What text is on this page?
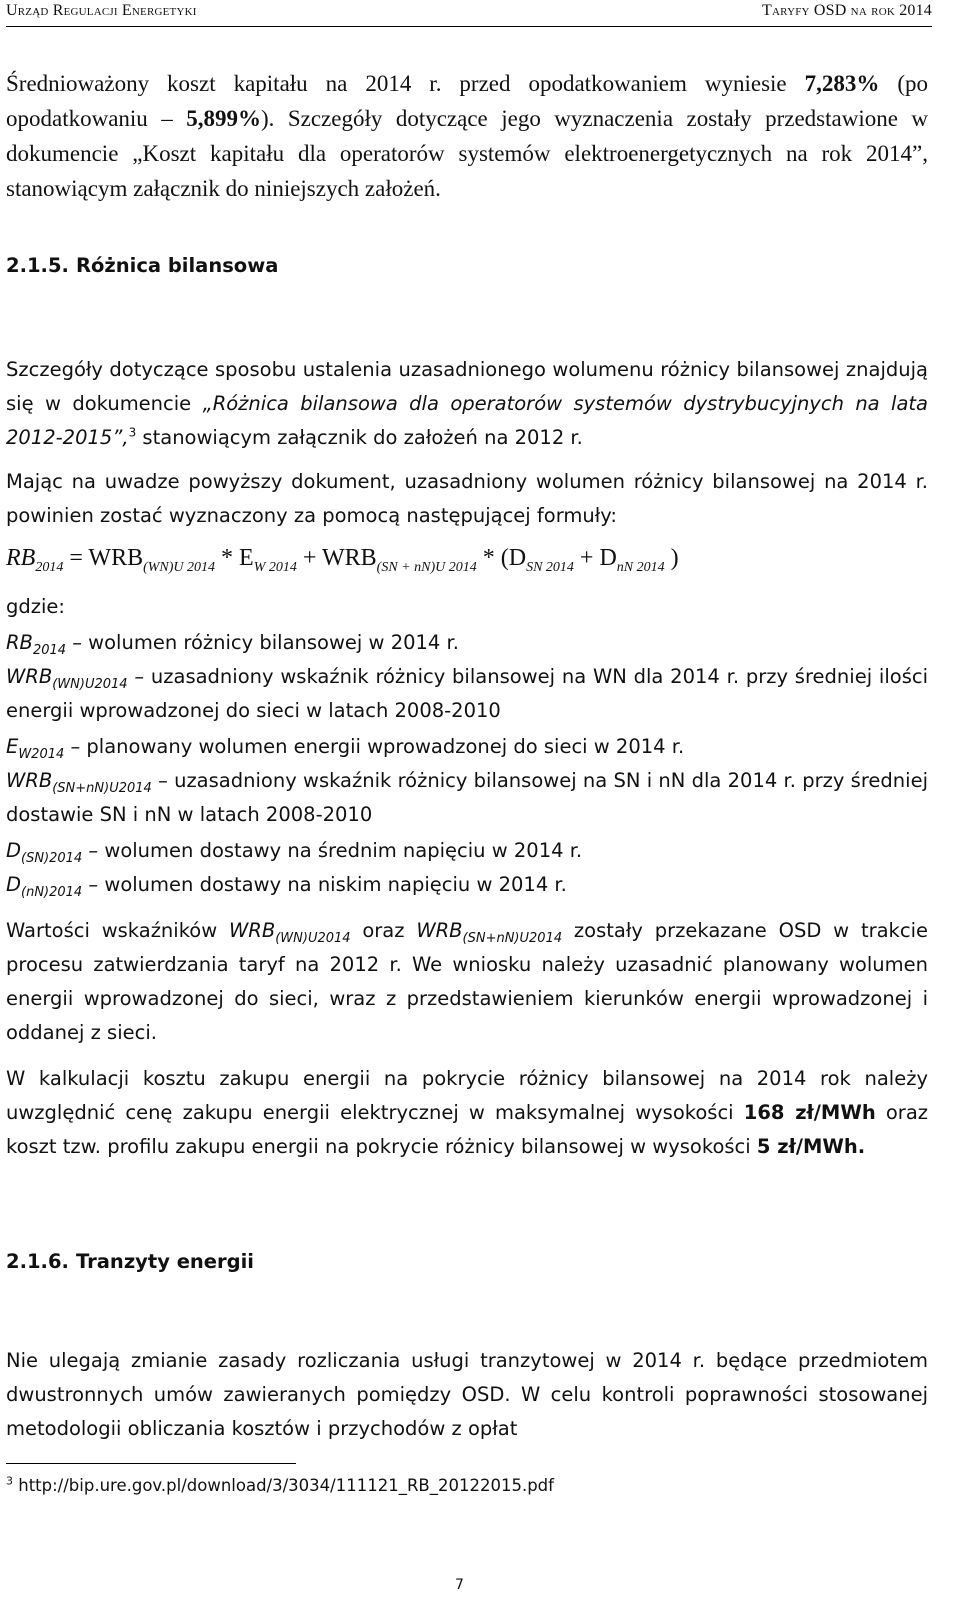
Urząd Regulacji Energetyki	Taryfy OSD na rok 2014

Średnioważony koszt kapitału na 2014 r. przed opodatkowaniem wyniesie 7,283% (po opodatkowaniu – 5,899%). Szczegóły dotyczące jego wyznaczenia zostały przedstawione w dokumencie „Koszt kapitału dla operatorów systemów elektroenergetycznych na rok 2014”, stanowiącym załącznik do niniejszych założeń.

2.1.5. Różnica bilansowa

Szczegóły dotyczące sposobu ustalenia uzasadnionego wolumenu różnicy bilansowej znajdują się w dokumencie „Różnica bilansowa dla operatorów systemów dystrybucyjnych na lata 2012-2015”,$^3$ stanowiącym załącznik do założeń na 2012 r.

Mając na uwadze powyższy dokument, uzasadniony wolumen różnicy bilansowej na 2014 r. powinien zostać wyznaczony za pomocą następującej formuły:

$RB_{2014} = WRB_{(WN)U 2014} * E_{W 2014} + WRB_{(SN + nN)U 2014} * (D_{SN 2014} + D_{nN 2014}$ )

gdzie:

$RB_{2014}$ – wolumen różnicy bilansowej w 2014 r.

$WRB_{(WN)U2014}$ – uzasadniony wskaźnik różnicy bilansowej na WN dla 2014 r. przy średniej ilości energii wprowadzonej do sieci w latach 2008-2010

$E_{W2014}$ – planowany wolumen energii wprowadzonej do sieci w 2014 r.

$WRB_{(SN+nN)U2014}$ – uzasadniony wskaźnik różnicy bilansowej na SN i nN dla 2014 r. przy średniej dostawie SN i nN w latach 2008-2010

$D_{(SN)2014}$ – wolumen dostawy na średnim napięciu w 2014 r.

$D_{(nN)2014}$ – wolumen dostawy na niskim napięciu w 2014 r.

Wartości wskaźników $WRB_{(WN)U2014}$ oraz $WRB_{(SN+nN)U2014}$ zostały przekazane OSD w trakcie procesu zatwierdzania taryf na 2012 r. We wniosku należy uzasadnić planowany wolumen energii wprowadzonej do sieci, wraz z przedstawieniem kierunków energii wprowadzonej i oddanej z sieci.

W kalkulacji kosztu zakupu energii na pokrycie różnicy bilansowej na 2014 rok należy uwzględnić cenę zakupu energii elektrycznej w maksymalnej wysokości 168 zł/MWh oraz koszt tzw. profilu zakupu energii na pokrycie różnicy bilansowej w wysokości 5 zł/MWh.

2.1.6. Tranzyty energii

Nie ulegają zmianie zasady rozliczania usługi tranzytowej w 2014 r. będące przedmiotem dwustronnych umów zawieranych pomiędzy OSD. W celu kontroli poprawności stosowanej metodologii obliczania kosztów i przychodów z opłat

$^3$ http://bip.ure.gov.pl/download/3/3034/111121_RB_20122015.pdf
7
